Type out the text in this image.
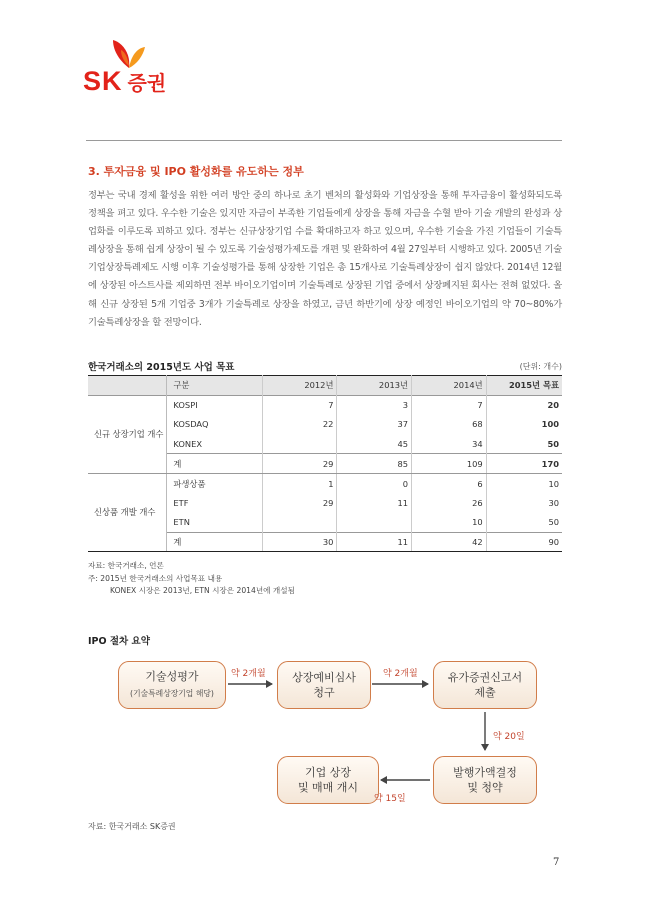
SK 증권
3. 투자금융 및 IPO 활성화를 유도하는 정부

정부는 국내 경제 활성을 위한 여러 방안 중의 하나로 초기 벤처의 활성화와 기업상장을 통해 투자금융이 활성화되도록 정책을 펴고 있다. 우수한 기술은 있지만 자금이 부족한 기업들에게 상장을 통해 자금을 수혈 받아 기술 개발의 완성과 상업화를 이루도록 꾀하고 있다. 정부는 신규상장기업 수를 확대하고자 하고 있으며, 우수한 기술을 가진 기업들이 기술특례상장을 통해 쉽게 상장이 될 수 있도록 기술성평가제도를 개편 및 완화하여 4월 27일부터 시행하고 있다. 2005년 기술기업상장특례제도 시행 이후 기술성평가를 통해 상장한 기업은 총 15개사로 기술특례상장이 쉽지 않았다. 2014년 12월에 상장된 아스트사를 제외하면 전부 바이오기업이며 기술특례로 상장된 기업 중에서 상장폐지된 회사는 전혀 없었다. 올해 신규 상장된 5개 기업중 3개가 기술특례로 상장을 하였고, 금년 하반기에 상장 예정인 바이오기업의 약 70~80%가 기술특례상장을 할 전망이다.

한국거래소의 2015년도 사업 목표	(단위: 개수)
	구분	2012년	2013년	2014년	2015년 목표
신규 상장기업 개수	KOSPI	7	3	7	20
	KOSDAQ	22	37	68	100
	KONEX		45	34	50
	계	29	85	109	170
신상품 개발 개수	파생상품	1	0	6	10
	ETF	29	11	26	30
	ETN			10	50
	계	30	11	42	90
자료: 한국거래소, 언론
주: 2015년 한국거래소의 사업목표 내용
KONEX 시장은 2013년, ETN 시장은 2014년에 개설됨
IPO 절차 요약
기술성평가
(기술특례상장기업 해당)
상장예비심사
청구
유가증권신고서
제출
발행가액결정
및 청약
기업 상장
및 매매 개시
약 2개월	약 2개월
약 20일
약 15일
자료: 한국거래소 SK증권
7
